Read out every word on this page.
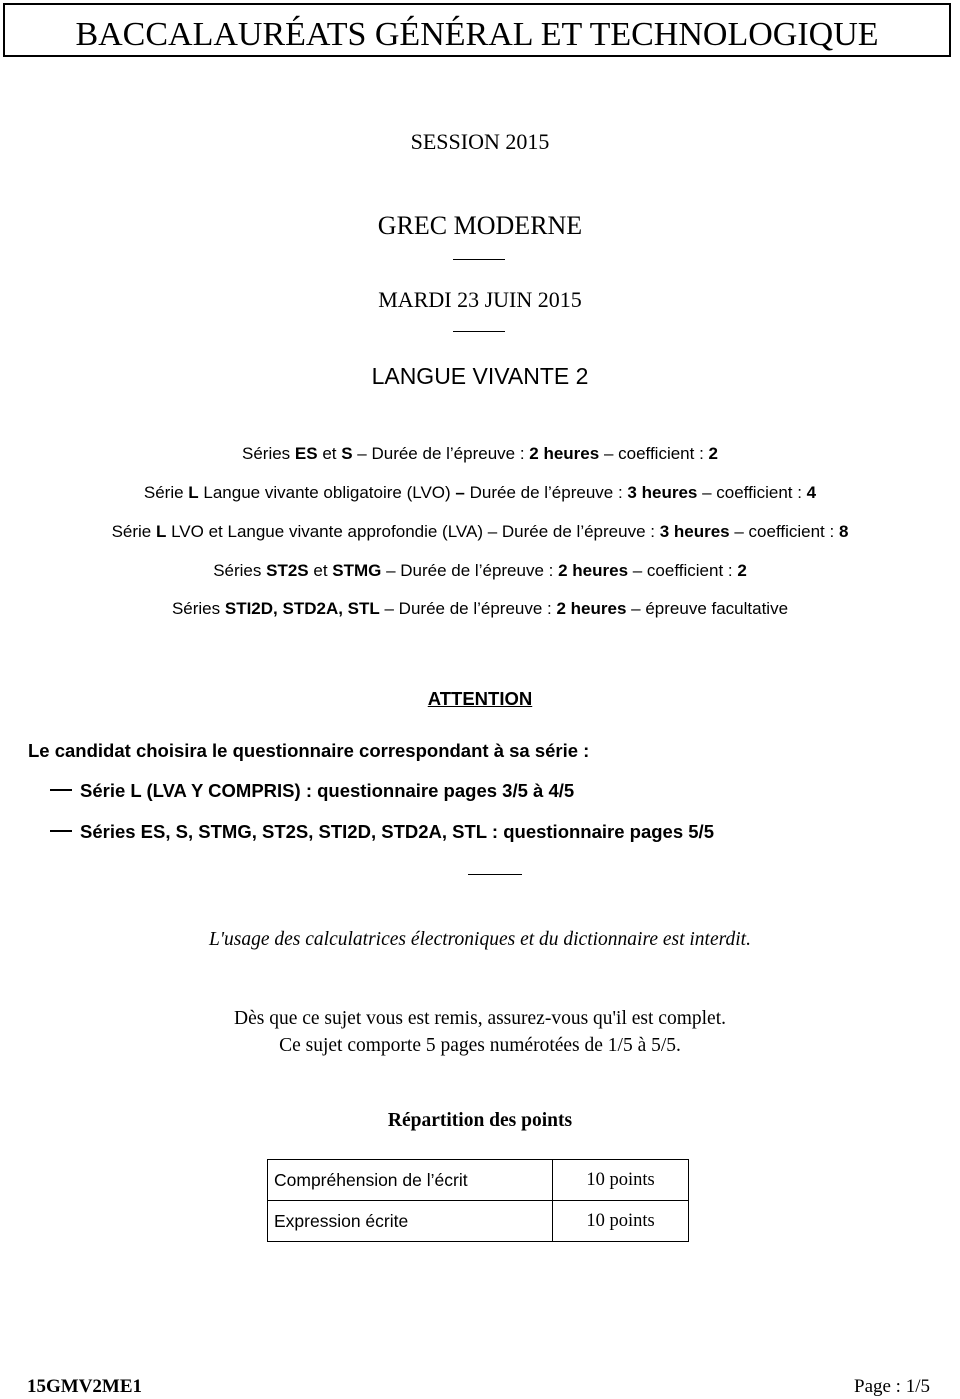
BACCALAURÉATS GÉNÉRAL ET TECHNOLOGIQUE
SESSION 2015
GREC MODERNE
MARDI 23 JUIN 2015
LANGUE VIVANTE 2
Séries ES et S – Durée de l’épreuve : 2 heures – coefficient : 2
Série L Langue vivante obligatoire (LVO) – Durée de l’épreuve : 3 heures – coefficient : 4
Série L LVO et Langue vivante approfondie (LVA) – Durée de l’épreuve : 3 heures – coefficient : 8
Séries ST2S et STMG – Durée de l’épreuve : 2 heures – coefficient : 2
Séries STI2D, STD2A, STL – Durée de l’épreuve : 2 heures – épreuve facultative
ATTENTION
Le candidat choisira le questionnaire correspondant à sa série :
Série L (LVA Y COMPRIS) : questionnaire pages 3/5 à 4/5
Séries ES, S, STMG, ST2S, STI2D, STD2A, STL : questionnaire pages 5/5
L'usage des calculatrices électroniques et du dictionnaire est interdit.
Dès que ce sujet vous est remis, assurez-vous qu'il est complet.
Ce sujet comporte 5 pages numérotées de 1/5 à 5/5.
Répartition des points
Compréhension de l’écrit	10 points
Expression écrite	10 points
15GMV2ME1	Page : 1/5
